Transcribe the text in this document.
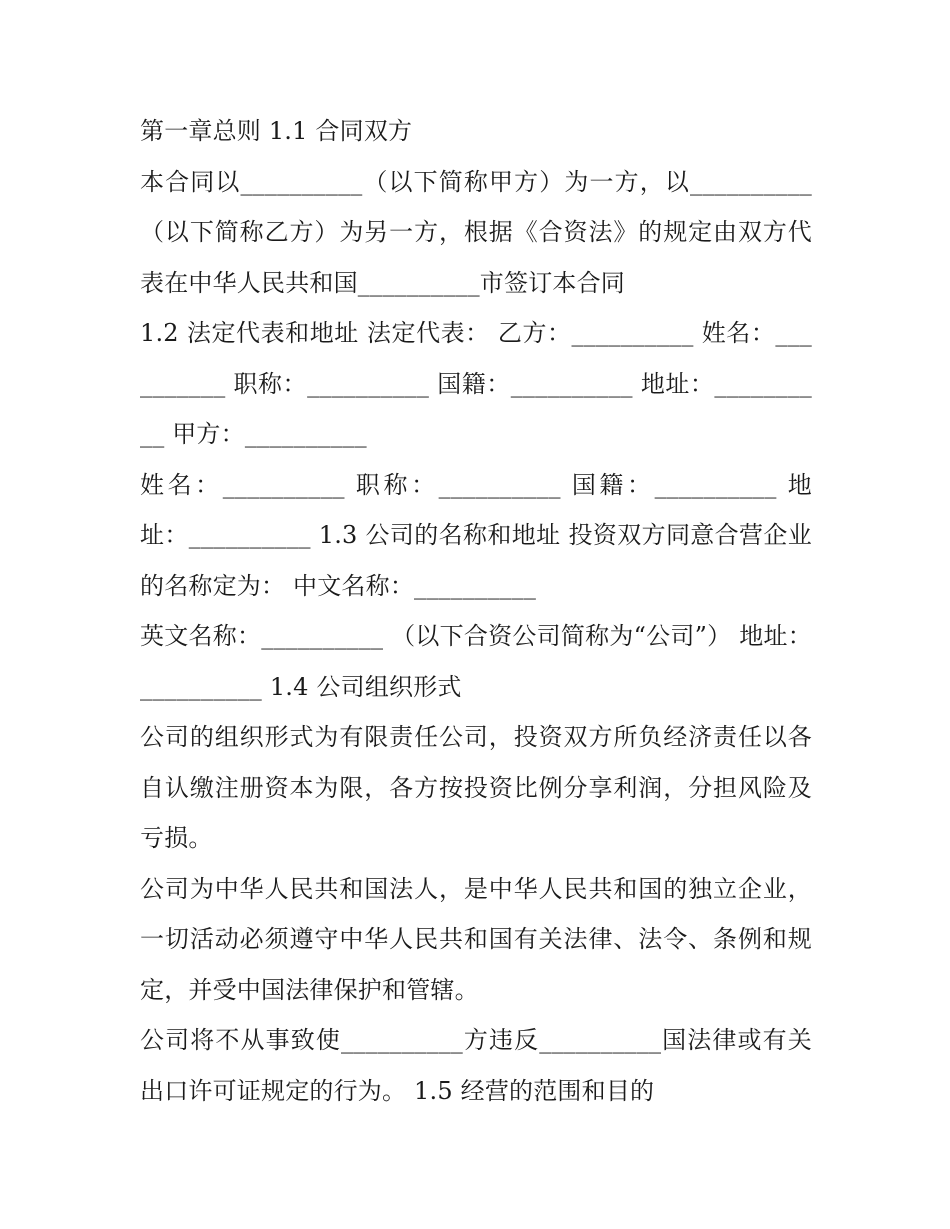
第一章总则 1.1 合同双方

本合同以__________（以下简称甲方）为一方，以__________（以下简称乙方）为另一方，根据《合资法》的规定由双方代表在中华人民共和国__________市签订本合同

1.2 法定代表和地址 法定代表： 乙方：__________ 姓名：__________ 职称：__________ 国籍：__________ 地址：__________ 甲方：__________

姓名：__________ 职称：__________ 国籍：__________ 地址：__________ 1.3 公司的名称和地址 投资双方同意合营企业的名称定为： 中文名称：__________

英文名称：__________ （以下合资公司简称为“公司”） 地址：__________ 1.4 公司组织形式

公司的组织形式为有限责任公司，投资双方所负经济责任以各自认缴注册资本为限，各方按投资比例分享利润，分担风险及亏损。

公司为中华人民共和国法人，是中华人民共和国的独立企业，一切活动必须遵守中华人民共和国有关法律、法令、条例和规定，并受中国法律保护和管辖。

公司将不从事致使__________方违反__________国法律或有关出口许可证规定的行为。 1.5 经营的范围和目的
